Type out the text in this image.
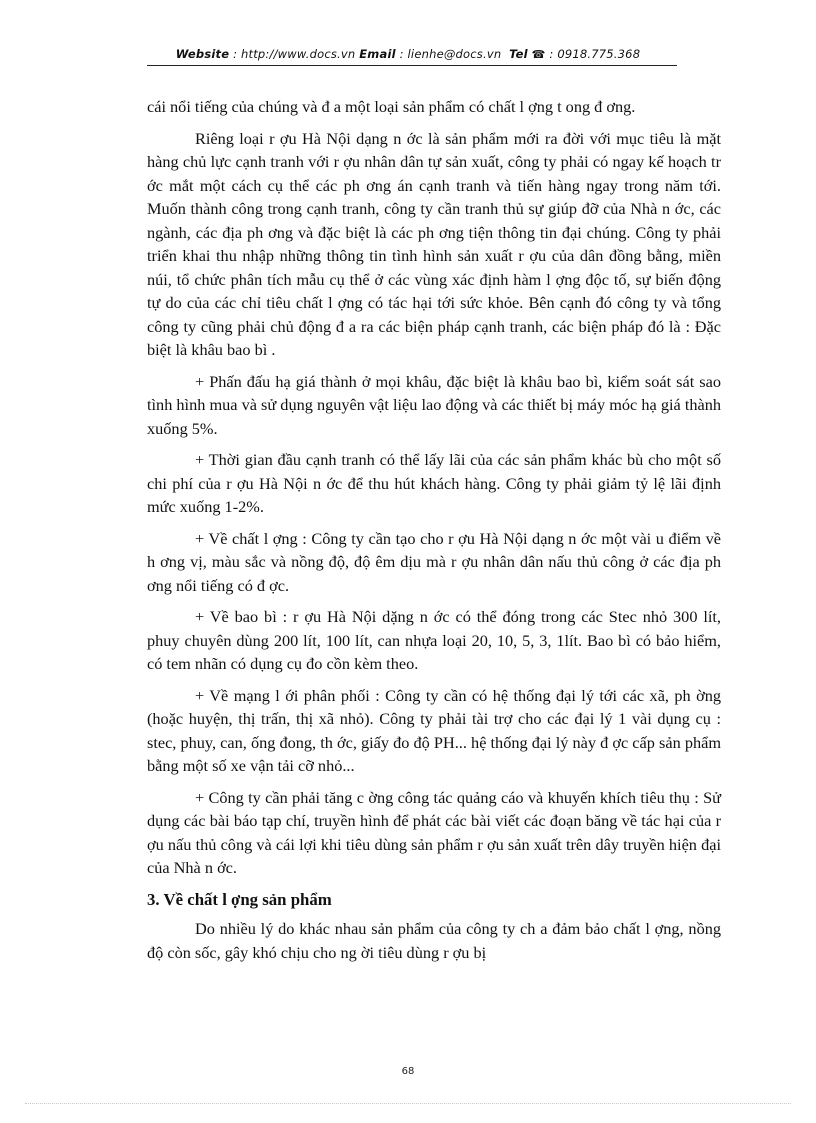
Website : http://www.docs.vn Email : lienhe@docs.vn Tel ☎ : 0918.775.368

cái nổi tiếng của chúng và đ a một loại sản phẩm có chất l ợng t ong đ ơng.

Riêng loại r ợu Hà Nội dạng n ớc là sản phẩm mới ra đời với mục tiêu là mặt hàng chủ lực cạnh tranh với r ợu nhân dân tự sản xuất, công ty phải có ngay kế hoạch tr ớc mắt một cách cụ thể các ph ơng án cạnh tranh và tiến hàng ngay trong năm tới. Muốn thành công trong cạnh tranh, công ty cần tranh thủ sự giúp đỡ của Nhà n ớc, các ngành, các địa ph ơng và đặc biệt là các ph ơng tiện thông tin đại chúng. Công ty phải triển khai thu nhập những thông tin tình hình sản xuất r ợu của dân đồng bằng, miền núi, tổ chức phân tích mẫu cụ thể ở các vùng xác định hàm l ợng độc tố, sự biến động tự do của các chỉ tiêu chất l ợng có tác hại tới sức khỏe. Bên cạnh đó công ty và tổng công ty cũng phải chủ động đ a ra các biện pháp cạnh tranh, các biện pháp đó là : Đặc biệt là khâu bao bì .

+ Phấn đấu hạ giá thành ở mọi khâu, đặc biệt là khâu bao bì, kiểm soát sát sao tình hình mua và sử dụng nguyên vật liệu lao động và các thiết bị máy móc hạ giá thành xuống 5%.

+ Thời gian đầu cạnh tranh có thể lấy lãi của các sản phẩm khác bù cho một số chi phí của r ợu Hà Nội n ớc để thu hút khách hàng. Công ty phải giảm tỷ lệ lãi định mức xuống 1-2%.

+ Về chất l ợng : Công ty cần tạo cho r ợu Hà Nội dạng n ớc một vài u điểm về h ơng vị, màu sắc và nồng độ, độ êm dịu mà r ợu nhân dân nấu thủ công ở các địa ph ơng nổi tiếng có đ ợc.

+ Về bao bì : r ợu Hà Nội dặng n ớc có thể đóng trong các Stec nhỏ 300 lít, phuy chuyên dùng 200 lít, 100 lít, can nhựa loại 20, 10, 5, 3, 1lít. Bao bì có bảo hiểm, có tem nhãn có dụng cụ đo cồn kèm theo.

+ Về mạng l ới phân phối : Công ty cần có hệ thống đại lý tới các xã, ph ờng (hoặc huyện, thị trấn, thị xã nhỏ). Công ty phải tài trợ cho các đại lý 1 vài dụng cụ : stec, phuy, can, ống đong, th ớc, giấy đo độ PH... hệ thống đại lý này đ ợc cấp sản phẩm bằng một số xe vận tải cỡ nhỏ...

+ Công ty cần phải tăng c ờng công tác quảng cáo và khuyến khích tiêu thụ : Sử dụng các bài báo tạp chí, truyền hình để phát các bài viết các đoạn băng về tác hại của r ợu nấu thủ công và cái lợi khi tiêu dùng sản phẩm r ợu sản xuất trên dây truyền hiện đại của Nhà n ớc.

3. Về chất l ợng sản phẩm

Do nhiều lý do khác nhau sản phẩm của công ty ch a đảm bảo chất l ợng, nồng độ còn sốc, gây khó chịu cho ng ời tiêu dùng r ợu bị

68
